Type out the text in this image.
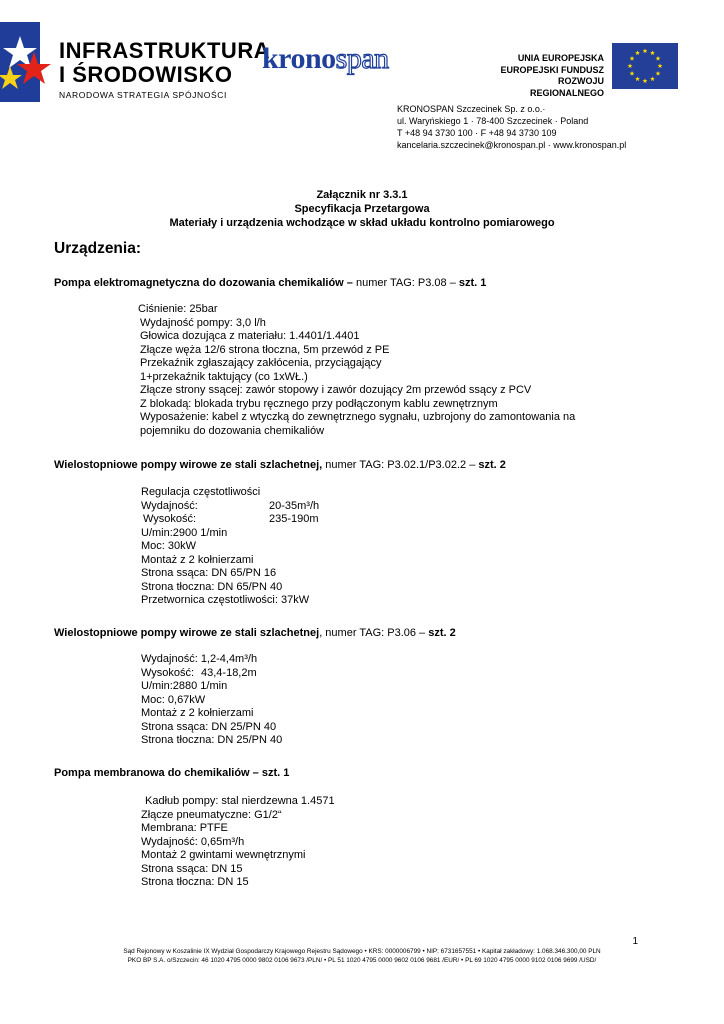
INFRASTRUKTURA
I ŚRODOWISKO
NARODOWA STRATEGIA SPÓJNOŚCI
kronospan	UNIA EUROPEJSKA
EUROPEJSKI FUNDUSZ
ROZWOJU REGIONALNEGO
KRONOSPAN Szczecinek Sp. z o.o.·
ul. Waryńskiego 1 · 78-400 Szczecinek · Poland
T +48 94 3730 100 · F +48 94 3730 109
kancelaria.szczecinek@kronospan.pl · www.kronospan.pl
Załącznik nr 3.3.1
Specyfikacja Przetargowa
Materiały i urządzenia wchodzące w skład układu kontrolno pomiarowego
Urządzenia:
Pompa elektromagnetyczna do dozowania chemikaliów – numer TAG: P3.08 – szt. 1
Ciśnienie: 25bar
Wydajność pompy: 3,0 l/h
Głowica dozująca z materiału: 1.4401/1.4401
Złącze węża 12/6 strona tłoczna, 5m przewód z PE
Przekaźnik zgłaszający zakłócenia, przyciągający
1+przekaźnik taktujący (co 1xWŁ.)
Złącze strony ssącej: zawór stopowy i zawór dozujący 2m przewód ssący z PCV
Z blokadą: blokada trybu ręcznego przy podłączonym kablu zewnętrznym
Wyposażenie: kabel z wtyczką do zewnętrznego sygnału, uzbrojony do zamontowania na
pojemniku do dozowania chemikaliów
Wielostopniowe pompy wirowe ze stali szlachetnej, numer TAG: P3.02.1/P3.02.2 – szt. 2
Regulacja częstotliwości
Wydajność:	20-35m³/h
Wysokość:	235-190m
U/min:2900 1/min
Moc: 30kW
Montaż z 2 kołnierzami
Strona ssąca: DN 65/PN 16
Strona tłoczna: DN 65/PN 40
Przetwornica częstotliwości: 37kW
Wielostopniowe pompy wirowe ze stali szlachetnej, numer TAG: P3.06 – szt. 2
Wydajność: 1,2-4,4m³/h
Wysokość: 43,4-18,2m
U/min:2880 1/min
Moc: 0,67kW
Montaż z 2 kołnierzami
Strona ssąca: DN 25/PN 40
Strona tłoczna: DN 25/PN 40
Pompa membranowa do chemikaliów – szt. 1
Kadłub pompy: stal nierdzewna 1.4571
Złącze pneumatyczne: G1/2“
Membrana: PTFE
Wydajność: 0,65m³/h
Montaż 2 gwintami wewnętrznymi
Strona ssąca: DN 15
Strona tłoczna: DN 15
1
Sąd Rejonowy w Koszalinie IX Wydział Gospodarczy Krajowego Rejestru Sądowego • KRS: 0000006799 • NIP: 6731657551 • Kapitał zakładowy: 1.068.346.300,00 PLN
PKO BP S.A. o/Szczecin: 46 1020 4795 0000 9802 0106 9673 /PLN/ • PL 51 1020 4795 0000 9602 0106 9681 /EUR/ • PL 69 1020 4795 0000 9102 0106 9699 /USD/
